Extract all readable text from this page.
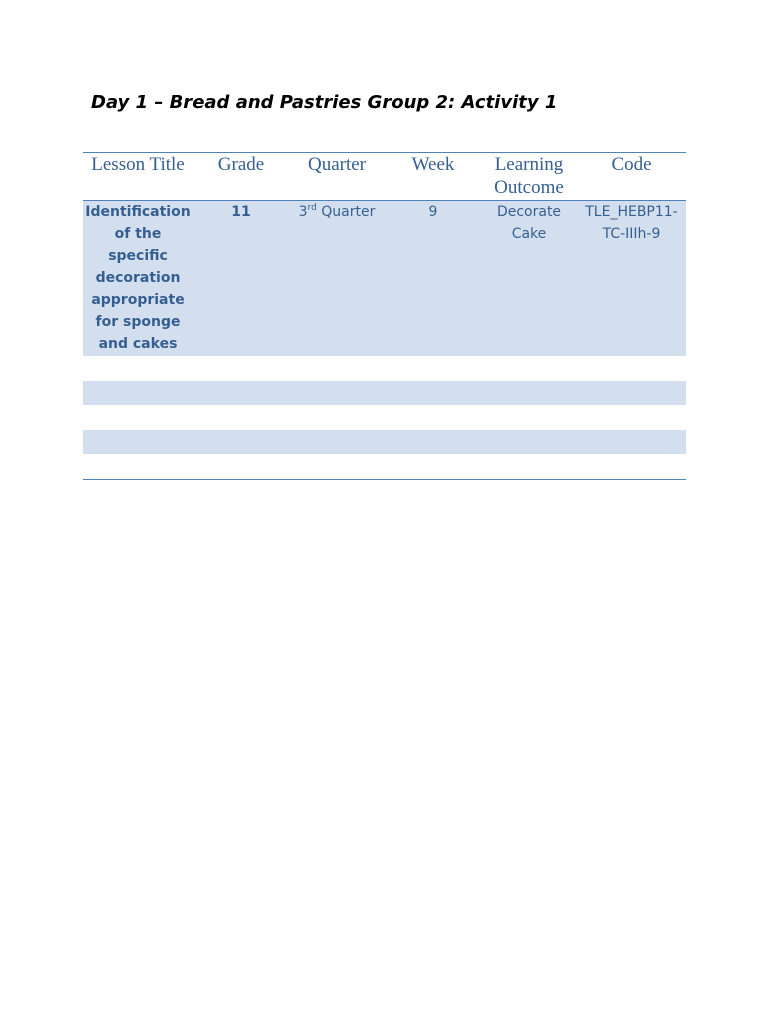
Day 1 – Bread and Pastries Group 2: Activity 1
Lesson Title	Grade	Quarter	Week	Learning Outcome	Code
Identification of the specific decoration appropriate for sponge and cakes	11	3rd Quarter	9	Decorate Cake	TLE_HEBP11-TC-IIIh-9
